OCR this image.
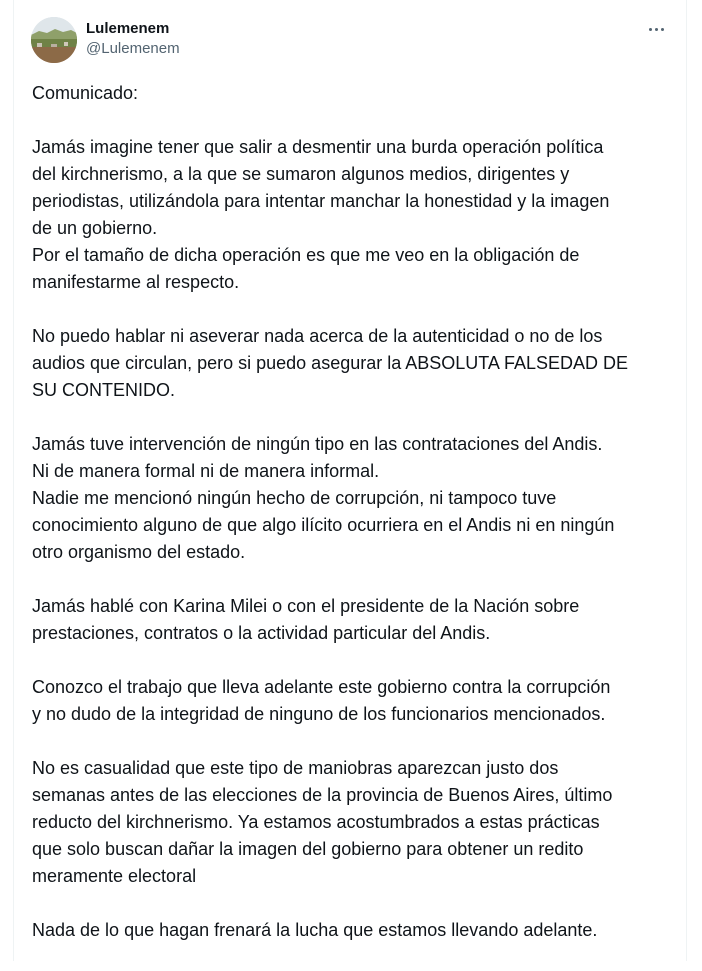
Lulemenem
@Lulemenem
Comunicado:
Jamás imagine tener que salir a desmentir una burda operación política
del kirchnerismo, a la que se sumaron algunos medios, dirigentes y
periodistas, utilizándola para intentar manchar la honestidad y la imagen
de un gobierno.
Por el tamaño de dicha operación es que me veo en la obligación de
manifestarme al respecto.
No puedo hablar ni aseverar nada acerca de la autenticidad o no de los
audios que circulan, pero si puedo asegurar la ABSOLUTA FALSEDAD DE
SU CONTENIDO.
Jamás tuve intervención de ningún tipo en las contrataciones del Andis.
Ni de manera formal ni de manera informal.
Nadie me mencionó ningún hecho de corrupción, ni tampoco tuve
conocimiento alguno de que algo ilícito ocurriera en el Andis ni en ningún
otro organismo del estado.
Jamás hablé con Karina Milei o con el presidente de la Nación sobre
prestaciones, contratos o la actividad particular del Andis.
Conozco el trabajo que lleva adelante este gobierno contra la corrupción
y no dudo de la integridad de ninguno de los funcionarios mencionados.
No es casualidad que este tipo de maniobras aparezcan justo dos
semanas antes de las elecciones de la provincia de Buenos Aires, último
reducto del kirchnerismo. Ya estamos acostumbrados a estas prácticas
que solo buscan dañar la imagen del gobierno para obtener un redito
meramente electoral
Nada de lo que hagan frenará la lucha que estamos llevando adelante.
